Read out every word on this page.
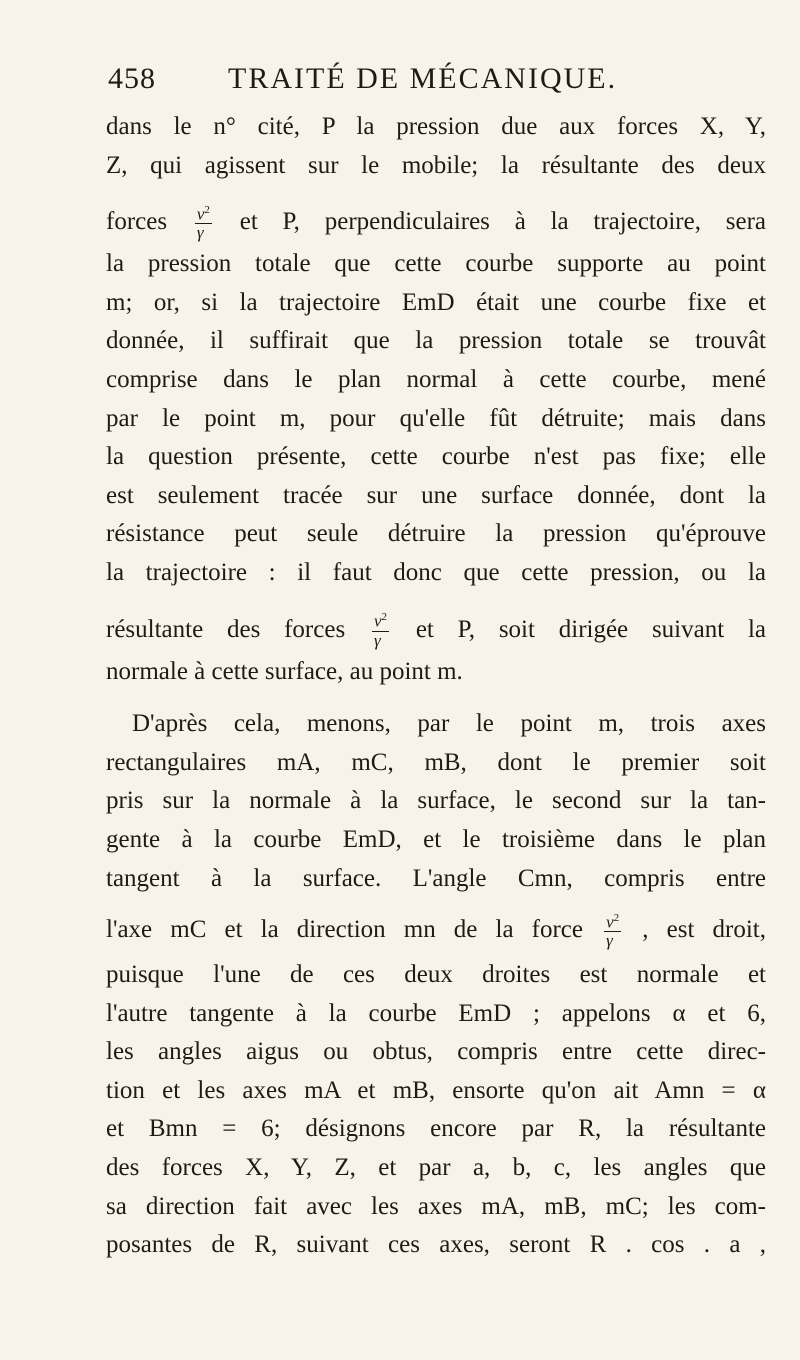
458 TRAITÉ DE MÉCANIQUE.
dans le n° cité, P la pression due aux forces X, Y,
Z, qui agissent sur le mobile; la résultante des deux
forces $\frac{v^2}{\gamma}$ et P, perpendiculaires à la trajectoire, sera
la pression totale que cette courbe supporte au point
m; or, si la trajectoire EmD était une courbe fixe et
donnée, il suffirait que la pression totale se trouvât
comprise dans le plan normal à cette courbe, mené
par le point m, pour qu'elle fût détruite; mais dans
la question présente, cette courbe n'est pas fixe; elle
est seulement tracée sur une surface donnée, dont la
résistance peut seule détruire la pression qu'éprouve
la trajectoire : il faut donc que cette pression, ou la
résultante des forces $\frac{v^2}{\gamma}$ et P, soit dirigée suivant la
normale à cette surface, au point m.
D'après cela, menons, par le point m, trois axes
rectangulaires mA, mC, mB, dont le premier soit
pris sur la normale à la surface, le second sur la tan-
gente à la courbe EmD, et le troisième dans le plan
tangent à la surface. L'angle Cmn, compris entre
l'axe mC et la direction mn de la force $\frac{v^2}{\gamma}$ , est droit,
puisque l'une de ces deux droites est normale et
l'autre tangente à la courbe EmD ; appelons α et 6,
les angles aigus ou obtus, compris entre cette direc-
tion et les axes mA et mB, ensorte qu'on ait Amn = α
et Bmn = 6; désignons encore par R, la résultante
des forces X, Y, Z, et par a, b, c, les angles que
sa direction fait avec les axes mA, mB, mC; les com-
posantes de R, suivant ces axes, seront R . cos . a ,
